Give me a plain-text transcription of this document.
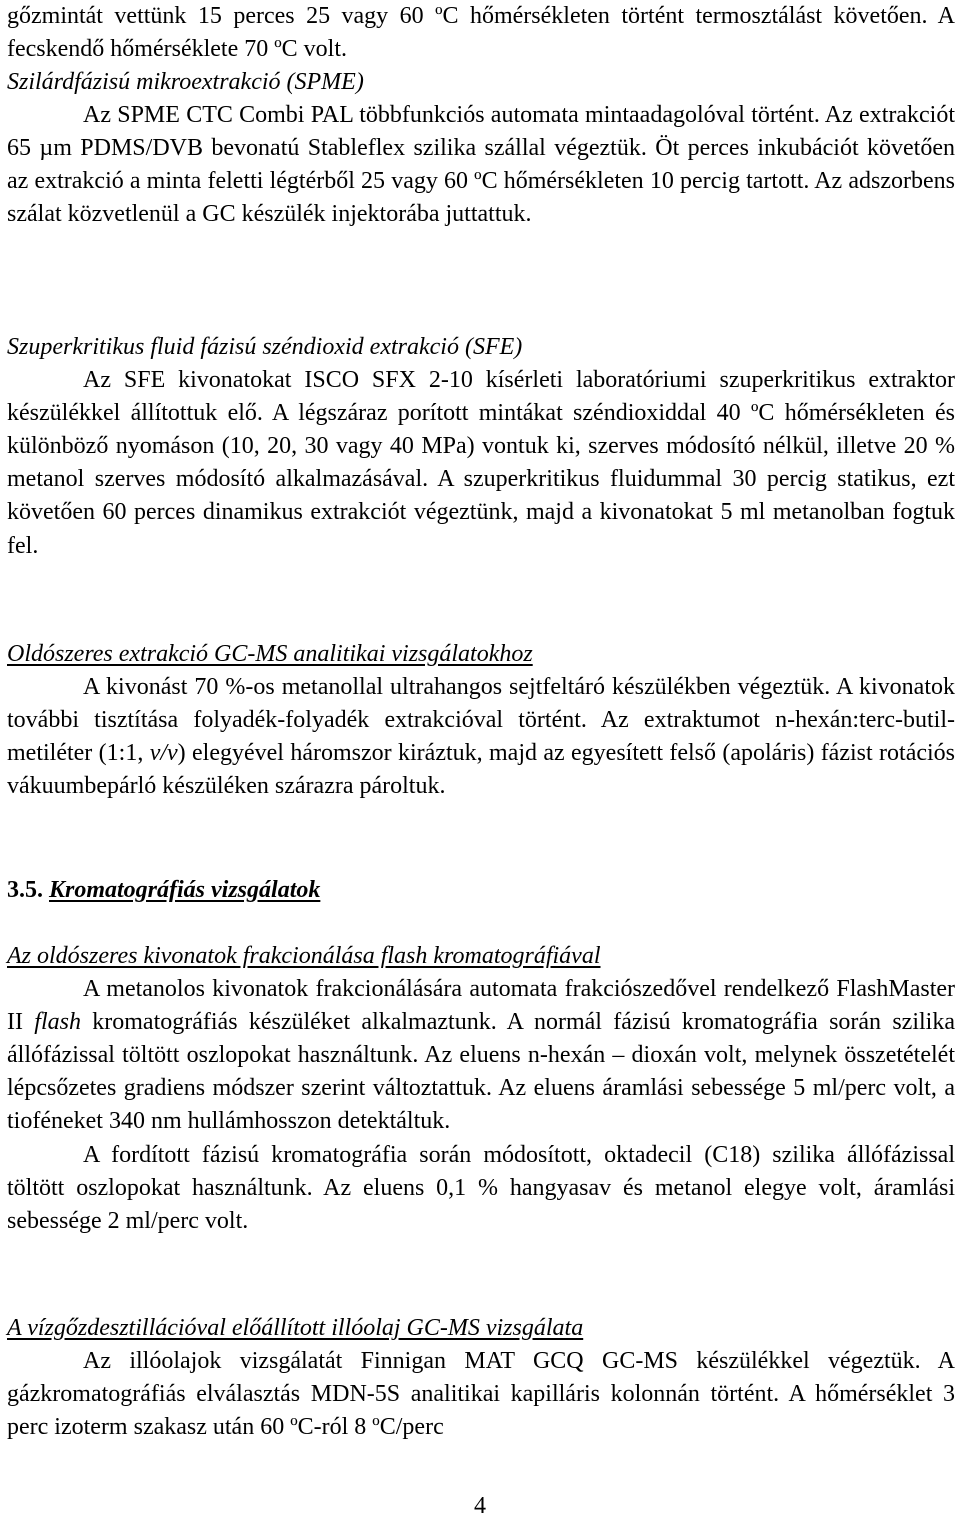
gőzmintát vettünk 15 perces 25 vagy 60 ºC hőmérsékleten történt termosztálást követően. A fecskendő hőmérséklete 70 ºC volt.

Szilárdfázisú mikroextrakció (SPME)

Az SPME CTC Combi PAL többfunkciós automata mintaadagolóval történt. Az extrakciót 65 µm PDMS/DVB bevonatú Stableflex szilika szállal végeztük. Öt perces inkubációt követően az extrakció a minta feletti légtérből 25 vagy 60 ºC hőmérsékleten 10 percig tartott. Az adszorbens szálat közvetlenül a GC készülék injektorába juttattuk.

Szuperkritikus fluid fázisú széndioxid extrakció (SFE)

Az SFE kivonatokat ISCO SFX 2-10 kísérleti laboratóriumi szuperkritikus extraktor készülékkel állítottuk elő. A légszáraz porított mintákat széndioxiddal 40 ºC hőmérsékleten és különböző nyomáson (10, 20, 30 vagy 40 MPa) vontuk ki, szerves módosító nélkül, illetve 20 % metanol szerves módosító alkalmazásával. A szuperkritikus fluidummal 30 percig statikus, ezt követően 60 perces dinamikus extrakciót végeztünk, majd a kivonatokat 5 ml metanolban fogtuk fel.

Oldószeres extrakció GC-MS analitikai vizsgálatokhoz

A kivonást 70 %-os metanollal ultrahangos sejtfeltáró készülékben végeztük. A kivonatok további tisztítása folyadék-folyadék extrakcióval történt. Az extraktumot n-hexán:terc-butil-metiléter (1:1, v/v) elegyével háromszor kiráztuk, majd az egyesített felső (apoláris) fázist rotációs vákuumbepárló készüléken szárazra pároltuk.

3.5. Kromatográfiás vizsgálatok

Az oldószeres kivonatok frakcionálása flash kromatográfiával

A metanolos kivonatok frakcionálására automata frakciószedővel rendelkező FlashMaster II flash kromatográfiás készüléket alkalmaztunk. A normál fázisú kromatográfia során szilika állófázissal töltött oszlopokat használtunk. Az eluens n-hexán – dioxán volt, melynek összetételét lépcsőzetes gradiens módszer szerint változtattuk. Az eluens áramlási sebessége 5 ml/perc volt, a tioféneket 340 nm hullámhosszon detektáltuk.

A fordított fázisú kromatográfia során módosított, oktadecil (C18) szilika állófázissal töltött oszlopokat használtunk. Az eluens 0,1 % hangyasav és metanol elegye volt, áramlási sebessége 2 ml/perc volt.

A vízgőzdesztillációval előállított illóolaj GC-MS vizsgálata

Az illóolajok vizsgálatát Finnigan MAT GCQ GC-MS készülékkel végeztük. A gázkromatográfiás elválasztás MDN-5S analitikai kapilláris kolonnán történt. A hőmérséklet 3 perc izoterm szakasz után 60 ºC-ról 8 ºC/perc

4
